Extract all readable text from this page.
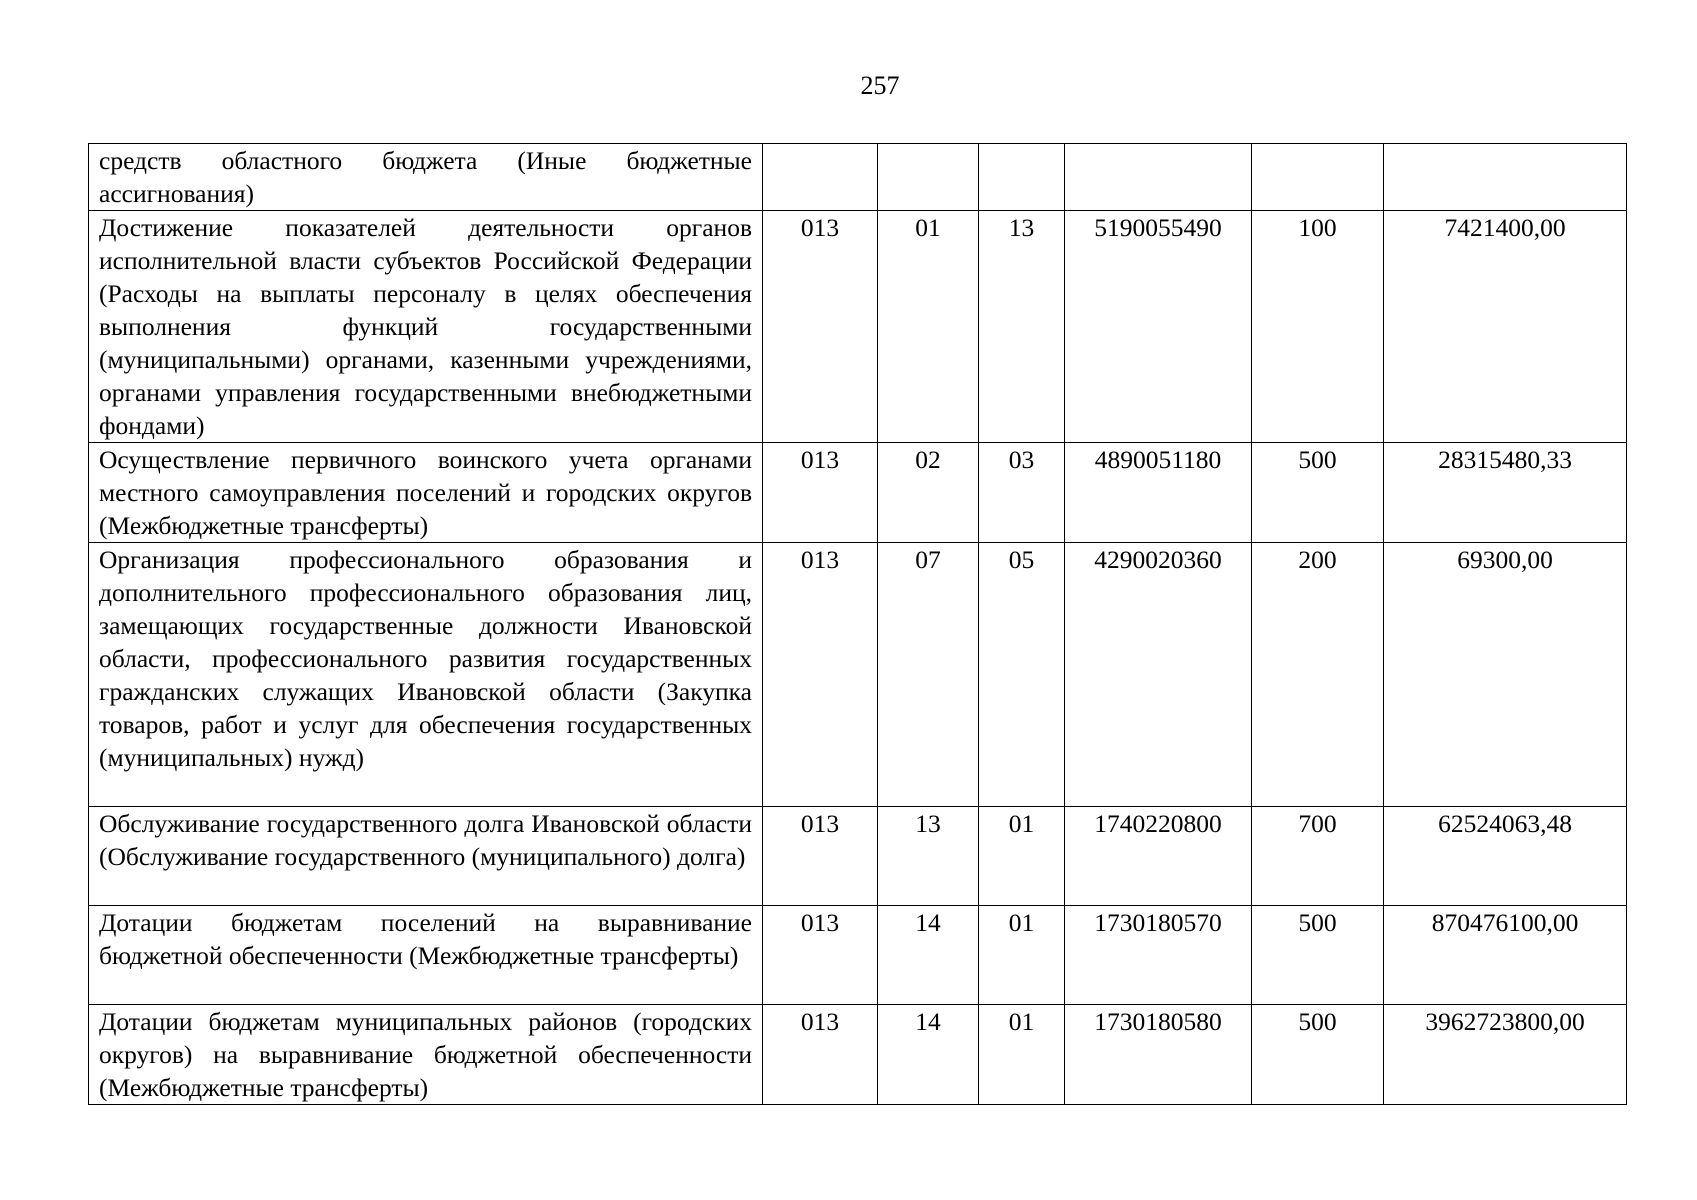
257
средств областного бюджета (Иные бюджетные ассигнования)						
Достижение показателей деятельности органов исполнительной власти субъектов Российской Федерации (Расходы на выплаты персоналу в целях обеспечения выполнения функций государственными (муниципальными) органами, казенными учреждениями, органами управления государственными внебюджетными фондами)	013	01	13	5190055490	100	7421400,00
Осуществление первичного воинского учета органами местного самоуправления поселений и городских округов (Межбюджетные трансферты)	013	02	03	4890051180	500	28315480,33
Организация профессионального образования и дополнительного профессионального образования лиц, замещающих государственные должности Ивановской области, профессионального развития государственных гражданских служащих Ивановской области (Закупка товаров, работ и услуг для обеспечения государственных (муниципальных) нужд)	013	07	05	4290020360	200	69300,00
Обслуживание государственного долга Ивановской области (Обслуживание государственного (муниципального) долга)	013	13	01	1740220800	700	62524063,48
Дотации бюджетам поселений на выравнивание бюджетной обеспеченности (Межбюджетные трансферты)	013	14	01	1730180570	500	870476100,00
Дотации бюджетам муниципальных районов (городских округов) на выравнивание бюджетной обеспеченности (Межбюджетные трансферты)	013	14	01	1730180580	500	3962723800,00
